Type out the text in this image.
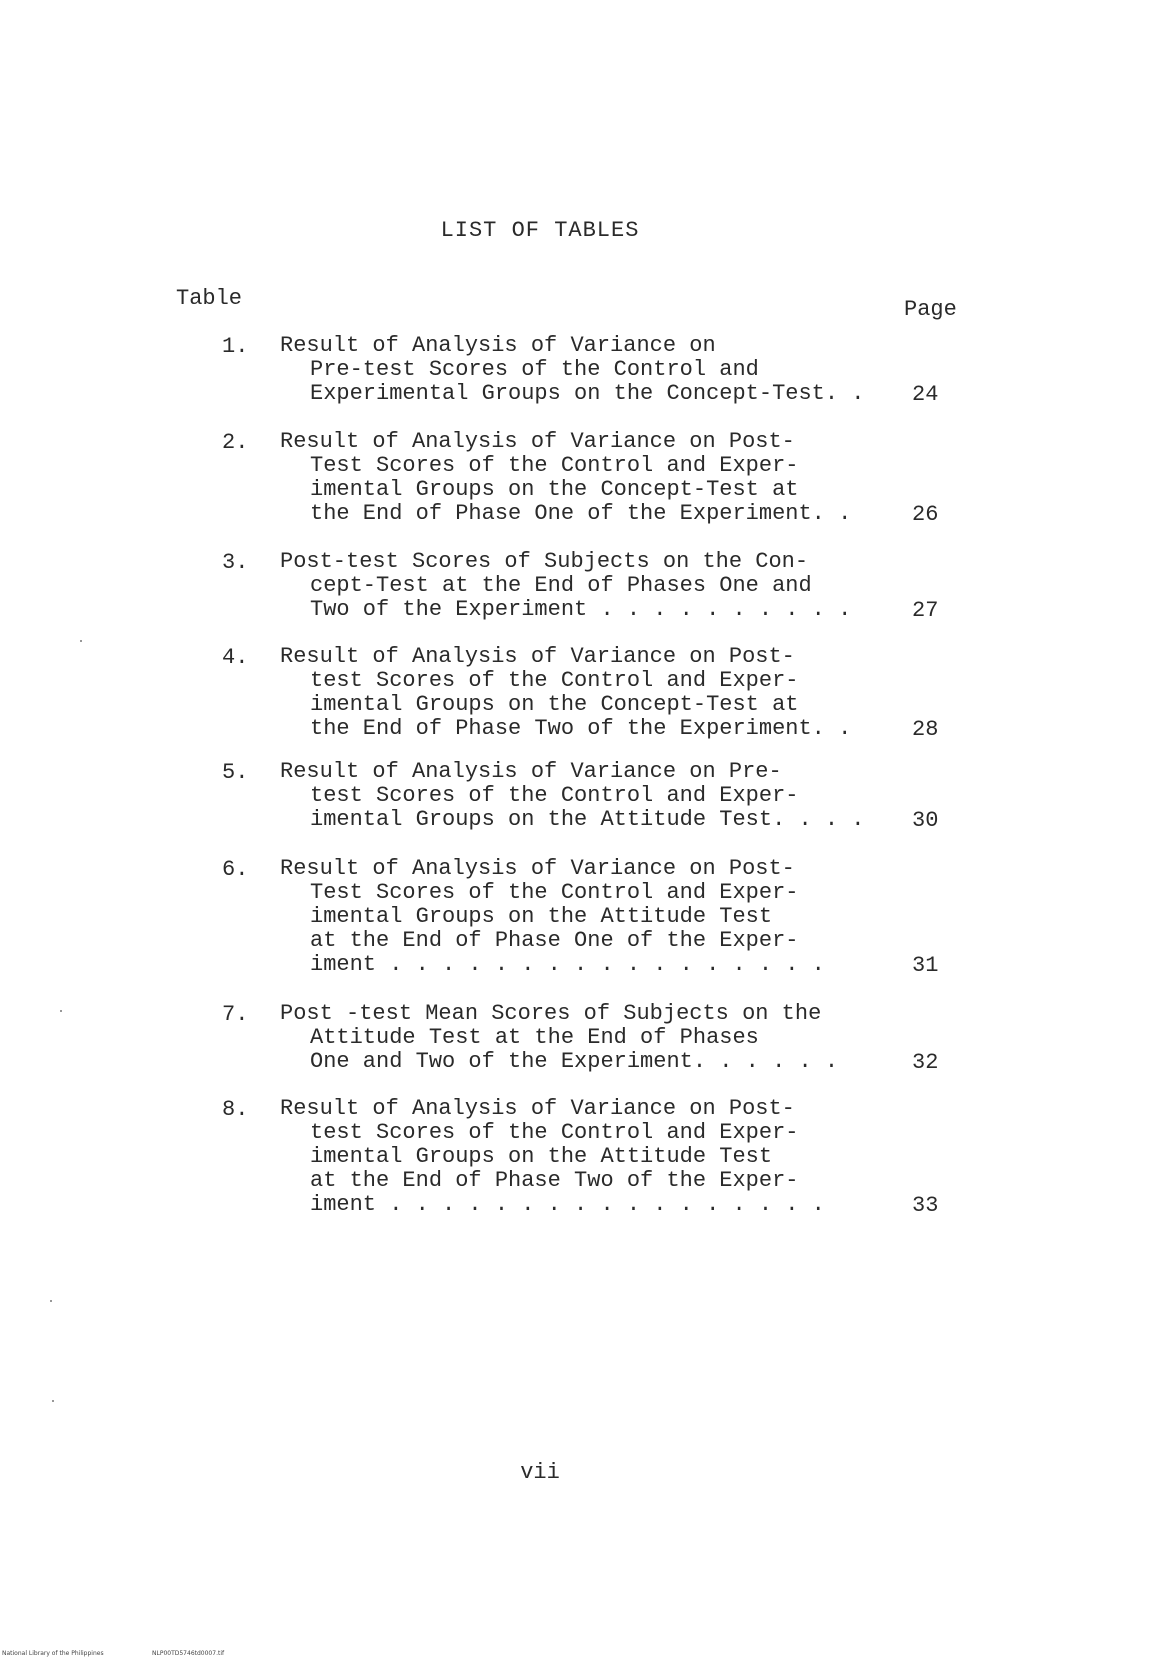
LIST OF TABLES
Table	Page
1. Result of Analysis of Variance on
Pre-test Scores of the Control and
Experimental Groups on the Concept-Test. . 24
2. Result of Analysis of Variance on Post-
Test Scores of the Control and Exper-
imental Groups on the Concept-Test at
the End of Phase One of the Experiment. .	26
3. Post-test Scores of Subjects on the Con-
cept-Test at the End of Phases One and
Two of the Experiment . . . . . . . . . .	27
4. Result of Analysis of Variance on Post-
test Scores of the Control and Exper-
imental Groups on the Concept-Test at
the End of Phase Two of the Experiment. .	28
5. Result of Analysis of Variance on Pre-
test Scores of the Control and Exper-
imental Groups on the Attitude Test. . . . 30
6. Result of Analysis of Variance on Post-
Test Scores of the Control and Exper-
imental Groups on the Attitude Test
at the End of Phase One of the Exper-
iment . . . . . . . . . . . . . . . . .	31
7. Post -test Mean Scores of Subjects on the
Attitude Test at the End of Phases
One and Two of the Experiment. . . . . .	32
8. Result of Analysis of Variance on Post-
test Scores of the Control and Exper-
imental Groups on the Attitude Test
at the End of Phase Two of the Exper-
iment . . . . . . . . . . . . . . . . .	33
vii
National Library of the Philippines	NLP00TD5746td0007.tif
